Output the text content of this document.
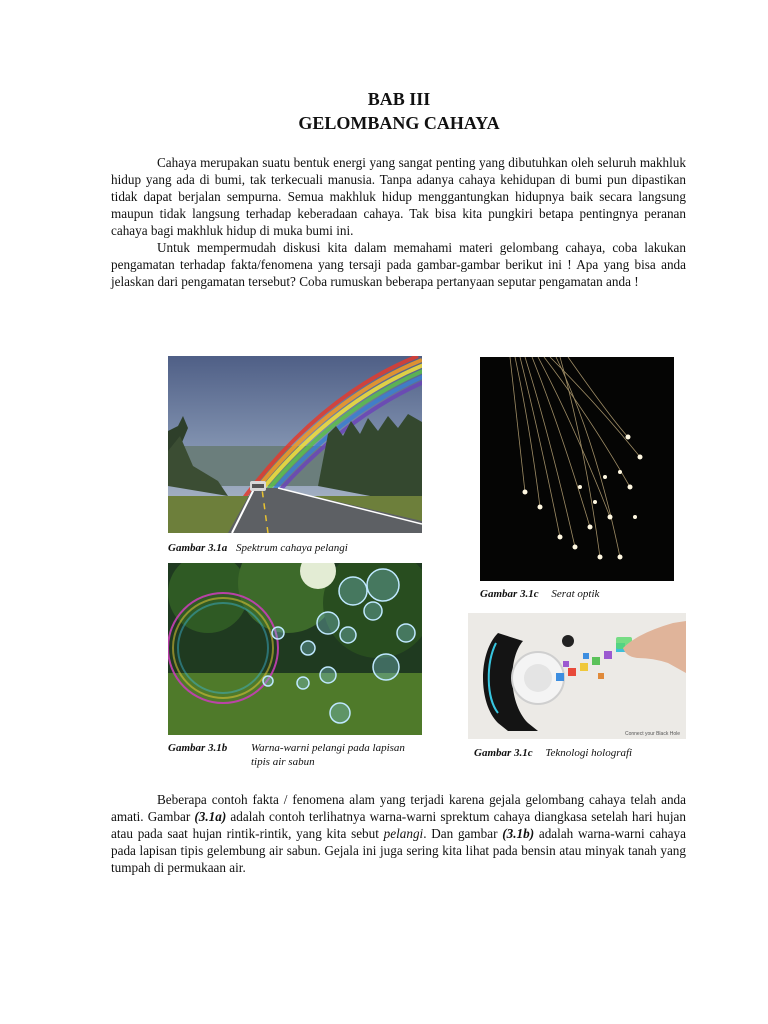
BAB III
GELOMBANG CAHAYA

Cahaya merupakan suatu bentuk energi yang sangat penting yang dibutuhkan oleh seluruh makhluk hidup yang ada di bumi, tak terkecuali manusia. Tanpa adanya cahaya kehidupan di bumi pun dipastikan tidak dapat berjalan sempurna. Semua makhluk hidup menggantungkan hidupnya baik secara langsung maupun tidak langsung terhadap keberadaan cahaya. Tak bisa kita pungkiri betapa pentingnya peranan cahaya bagi makhluk hidup di muka bumi ini.

Untuk mempermudah diskusi kita dalam memahami materi gelombang cahaya, coba lakukan pengamatan terhadap fakta/fenomena yang tersaji pada gambar-gambar berikut ini ! Apa yang bisa anda jelaskan dari pengamatan tersebut? Coba rumuskan beberapa pertanyaan seputar pengamatan anda !

Gambar 3.1a Spektrum cahaya pelangi
Gambar 3.1b Warna-warni pelangi pada lapisan tipis air sabun
Gambar 3.1c Serat optik
Connect your Black Hole
Gambar 3.1c Teknologi holografi

Beberapa contoh fakta / fenomena alam yang terjadi karena gejala gelombang cahaya telah anda amati. Gambar (3.1a) adalah contoh terlihatnya warna-warni sprektum cahaya diangkasa setelah hari hujan atau pada saat hujan rintik-rintik, yang kita sebut pelangi. Dan gambar (3.1b) adalah warna-warni cahaya pada lapisan tipis gelembung air sabun. Gejala ini juga sering kita lihat pada bensin atau minyak tanah yang tumpah di permukaan air.
